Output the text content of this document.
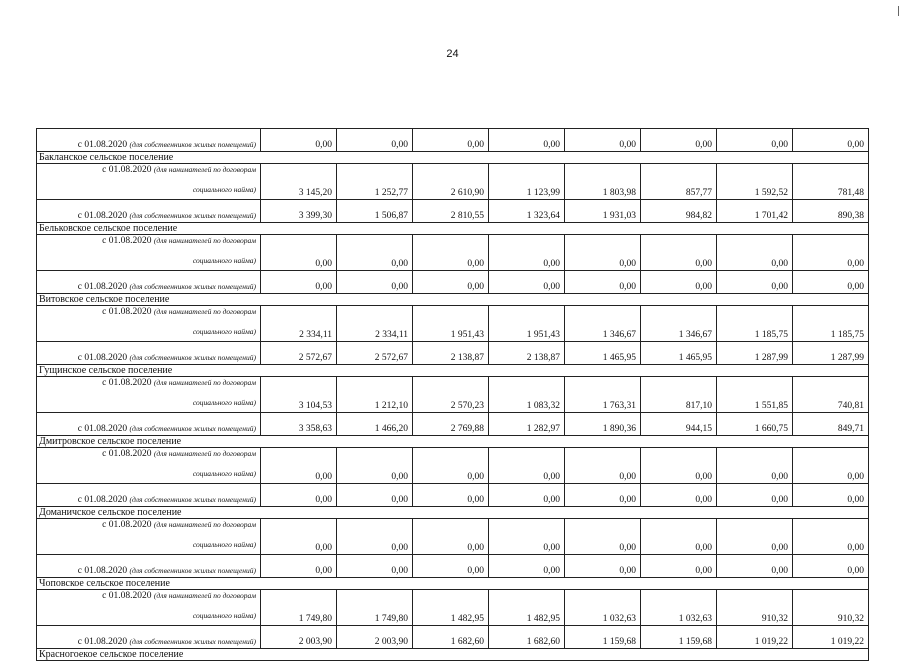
24
с 01.08.2020 (для собственников жилых помещений)	0,00	0,00	0,00	0,00	0,00	0,00	0,00	0,00
Бакланское сельское поселение								

с 01.08.2020 (для нанимателей по договорам
социального найма)	3 145,20	1 252,77	2 610,90	1 123,99	1 803,98	857,77	1 592,52	781,48
с 01.08.2020 (для собственников жилых помещений)	3 399,30	1 506,87	2 810,55	1 323,64	1 931,03	984,82	1 701,42	890,38
Бельковское сельское поселение								

с 01.08.2020 (для нанимателей по договорам
социального найма)	0,00	0,00	0,00	0,00	0,00	0,00	0,00	0,00
с 01.08.2020 (для собственников жилых помещений)	0,00	0,00	0,00	0,00	0,00	0,00	0,00	0,00
Витовское сельское поселение								

с 01.08.2020 (для нанимателей по договорам
социального найма)	2 334,11	2 334,11	1 951,43	1 951,43	1 346,67	1 346,67	1 185,75	1 185,75
с 01.08.2020 (для собственников жилых помещений)	2 572,67	2 572,67	2 138,87	2 138,87	1 465,95	1 465,95	1 287,99	1 287,99
Гущинское сельское поселение								

с 01.08.2020 (для нанимателей по договорам
социального найма)	3 104,53	1 212,10	2 570,23	1 083,32	1 763,31	817,10	1 551,85	740,81
с 01.08.2020 (для собственников жилых помещений)	3 358,63	1 466,20	2 769,88	1 282,97	1 890,36	944,15	1 660,75	849,71
Дмитровское сельское поселение								

с 01.08.2020 (для нанимателей по договорам
социального найма)	0,00	0,00	0,00	0,00	0,00	0,00	0,00	0,00
с 01.08.2020 (для собственников жилых помещений)	0,00	0,00	0,00	0,00	0,00	0,00	0,00	0,00
Доманичское сельское поселение								

с 01.08.2020 (для нанимателей по договорам
социального найма)	0,00	0,00	0,00	0,00	0,00	0,00	0,00	0,00
с 01.08.2020 (для собственников жилых помещений)	0,00	0,00	0,00	0,00	0,00	0,00	0,00	0,00
Чоповское сельское поселение								

с 01.08.2020 (для нанимателей по договорам
социального найма)	1 749,80	1 749,80	1 482,95	1 482,95	1 032,63	1 032,63	910,32	910,32
с 01.08.2020 (для собственников жилых помещений)	2 003,90	2 003,90	1 682,60	1 682,60	1 159,68	1 159,68	1 019,22	1 019,22
Красногоекое сельское поселение								
